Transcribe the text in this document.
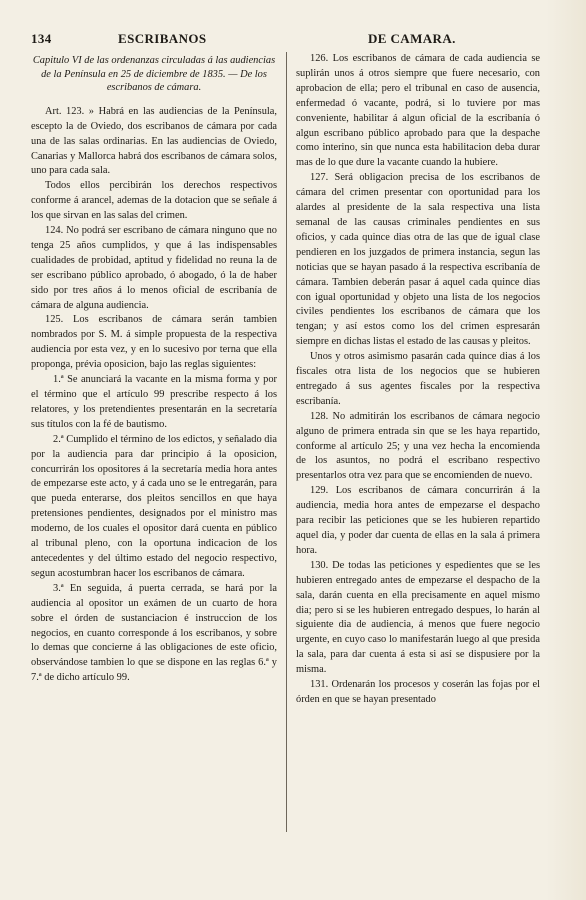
134	ESCRIBANOS	DE CAMARA.

Capitulo VI de las ordenanzas circuladas á las audiencias de la Península en 25 de diciembre de 1835. — De los escribanos de cámara.

Art. 123. » Habrá en las audiencias de la Península, escepto la de Oviedo, dos escribanos de cámara por cada una de las salas ordinarias. En las audiencias de Oviedo, Canarias y Mallorca habrá dos escribanos de cámara solos, uno para cada sala.

Todos ellos percibirán los derechos respectivos conforme á arancel, ademas de la dotacion que se señale á los que sirvan en las salas del crimen.

124. No podrá ser escribano de cámara ninguno que no tenga 25 años cumplidos, y que á las indispensables cualidades de probidad, aptitud y fidelidad no reuna la de ser escribano público aprobado, ó abogado, ó la de haber sido por tres años á lo menos oficial de escribanía de cámara de alguna audiencia.

125. Los escribanos de cámara serán tambien nombrados por S. M. á simple propuesta de la respectiva audiencia por esta vez, y en lo sucesivo por terna que ella proponga, prévia oposicion, bajo las reglas siguientes:

1.ª Se anunciará la vacante en la misma forma y por el término que el artículo 99 prescribe respecto á los relatores, y los pretendientes presentarán en la secretaría sus títulos con la fé de bautismo.

2.ª Cumplido el término de los edictos, y señalado dia por la audiencia para dar principio á la oposicion, concurrirán los opositores á la secretaría media hora antes de empezarse este acto, y á cada uno se le entregarán, para que pueda enterarse, dos pleitos sencillos en que haya pretensiones pendientes, designados por el ministro mas moderno, de los cuales el opositor dará cuenta en público al tribunal pleno, con la oportuna indicacion de los antecedentes y del último estado del negocio respectivo, segun acostumbran hacer los escribanos de cámara.

3.ª En seguida, á puerta cerrada, se hará por la audiencia al opositor un exámen de un cuarto de hora sobre el órden de sustanciacion é instruccion de los negocios, en cuanto corresponde á los escribanos, y sobre lo demas que concierne á las obligaciones de este oficio, observándose tambien lo que se dispone en las reglas 6.ª y 7.ª de dicho artículo 99.

126. Los escribanos de cámara de cada audiencia se suplirán unos á otros siempre que fuere necesario, con aprobacion de ella; pero el tribunal en caso de ausencia, enfermedad ó vacante, podrá, si lo tuviere por mas conveniente, habilitar á algun oficial de la escribanía ó algun escribano público aprobado para que la despache como interino, sin que nunca esta habilitacion deba durar mas de lo que dure la vacante cuando la hubiere.

127. Será obligacion precisa de los escribanos de cámara del crimen presentar con oportunidad para los alardes al presidente de la sala respectiva una lista semanal de las causas criminales pendientes en sus oficios, y cada quince dias otra de las que de igual clase pendieren en los juzgados de primera instancia, segun las noticias que se hayan pasado á la respectiva escribanía de cámara. Tambien deberán pasar á aquel cada quince dias con igual oportunidad y objeto una lista de los negocios civiles pendientes los escribanos de cámara que los tengan; y así estos como los del crimen espresarán siempre en dichas listas el estado de las causas y pleitos.

Unos y otros asimismo pasarán cada quince dias á los fiscales otra lista de los negocios que se hubieren entregado á sus agentes fiscales por la respectiva escribanía.

128. No admitirán los escribanos de cámara negocio alguno de primera entrada sin que se les haya repartido, conforme al artículo 25; y una vez hecha la encomienda de los asuntos, no podrá el escribano respectivo presentarlos otra vez para que se encomienden de nuevo.

129. Los escribanos de cámara concurrirán á la audiencia, media hora antes de empezarse el despacho para recibir las peticiones que se les hubieren repartido aquel dia, y poder dar cuenta de ellas en la sala á primera hora.

130. De todas las peticiones y espedientes que se les hubieren entregado antes de empezarse el despacho de la sala, darán cuenta en ella precisamente en aquel mismo dia; pero si se les hubieren entregado despues, lo harán al siguiente dia de audiencia, á menos que fuere negocio urgente, en cuyo caso lo manifestarán luego al que presida la sala, para dar cuenta á esta si así se dispusiere por la misma.

131. Ordenarán los procesos y coserán las fojas por el órden en que se hayan presentado
